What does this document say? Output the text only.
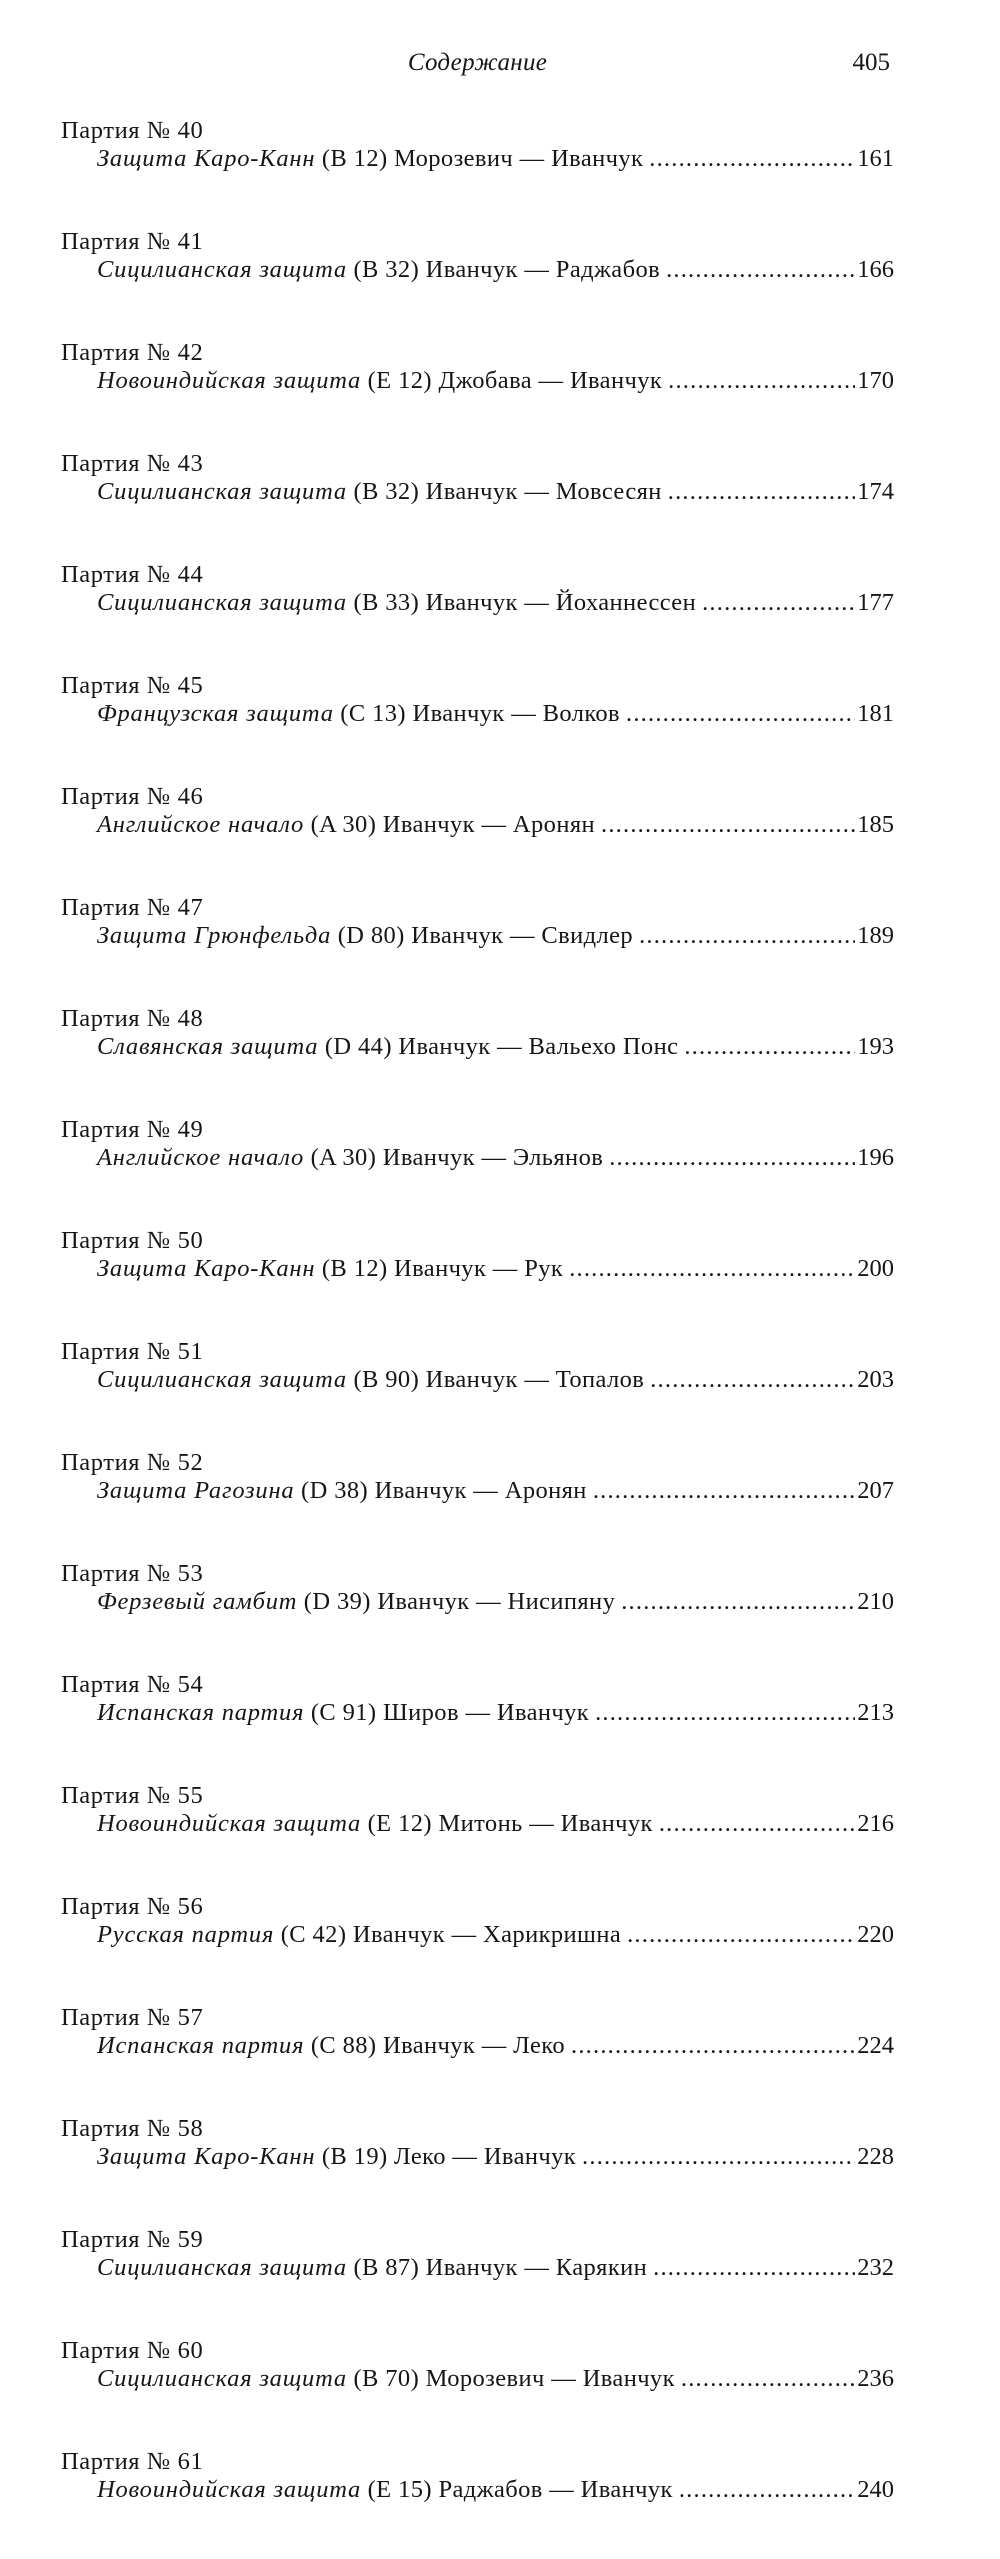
Содержание	405
Партия № 40
Защита Каро-Канн (B 12) Морозевич — Иванчук .....	161
Партия № 41
Сицилианская защита (B 32) Иванчук — Раджабов .....	166
Партия № 42
Новоиндийская защита (E 12) Джобава — Иванчук .....	170
Партия № 43
Сицилианская защита (B 32) Иванчук — Мовсесян .....	174
Партия № 44
Сицилианская защита (B 33) Иванчук — Йоханнессен .....	177
Партия № 45
Французская защита (C 13) Иванчук — Волков .....	181
Партия № 46
Английское начало (A 30) Иванчук — Аронян .....	185
Партия № 47
Защита Грюнфельда (D 80) Иванчук — Свидлер .....	189
Партия № 48
Славянская защита (D 44) Иванчук — Вальехо Понс .....	193
Партия № 49
Английское начало (A 30) Иванчук — Эльянов .....	196
Партия № 50
Защита Каро-Канн (B 12) Иванчук — Рук .....	200
Партия № 51
Сицилианская защита (B 90) Иванчук — Топалов .....	203
Партия № 52
Защита Рагозина (D 38) Иванчук — Аронян .....	207
Партия № 53
Ферзевый гамбит (D 39) Иванчук — Нисипяну .....	210
Партия № 54
Испанская партия (C 91) Широв — Иванчук .....	213
Партия № 55
Новоиндийская защита (E 12) Митонь — Иванчук .....	216
Партия № 56
Русская партия (C 42) Иванчук — Харикришна .....	220
Партия № 57
Испанская партия (C 88) Иванчук — Леко .....	224
Партия № 58
Защита Каро-Канн (B 19) Леко — Иванчук .....	228
Партия № 59
Сицилианская защита (B 87) Иванчук — Карякин .....	232
Партия № 60
Сицилианская защита (B 70) Морозевич — Иванчук .....	236
Партия № 61
Новоиндийская защита (E 15) Раджабов — Иванчук .....	240
